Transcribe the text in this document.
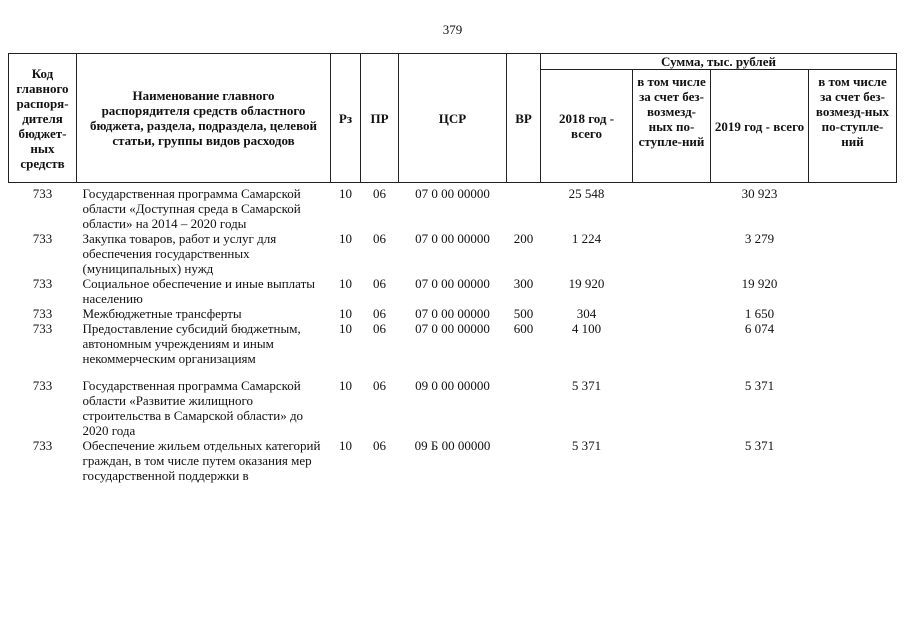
379
Код главного распоря-дителя бюджет-ных средств	Наименование главного распорядителя средств областного бюджета, раздела, подраздела, целевой статьи, группы видов расходов	Рз	ПР	ЦСР	ВР	Сумма, тыс. рублей			
						2018 год - всего	в том числе за счет без-возмезд-ных по-ступле-ний	2019 год - всего	в том числе за счет без-возмезд-ных по-ступле-ний
733	Государственная программа Самарской области «Доступная среда в Самарской области» на 2014 – 2020 годы	10	06	07 0 00 00000		25 548		30 923	
733	Закупка товаров, работ и услуг для обеспечения государственных (муниципальных) нужд	10	06	07 0 00 00000	200	1 224		3 279	
733	Социальное обеспечение и иные выплаты населению	10	06	07 0 00 00000	300	19 920		19 920	
733	Межбюджетные трансферты	10	06	07 0 00 00000	500	304		1 650	
733	Предоставление субсидий бюджетным, автономным учреждениям и иным некоммерческим организациям	10	06	07 0 00 00000	600	4 100		6 074	

733	Государственная программа Самарской области «Развитие жилищного строительства в Самарской области» до 2020 года	10	06	09 0 00 00000		5 371		5 371	
733	Обеспечение жильем отдельных категорий граждан, в том числе путем оказания мер государственной поддержки в	10	06	09 Б 00 00000		5 371		5 371	
